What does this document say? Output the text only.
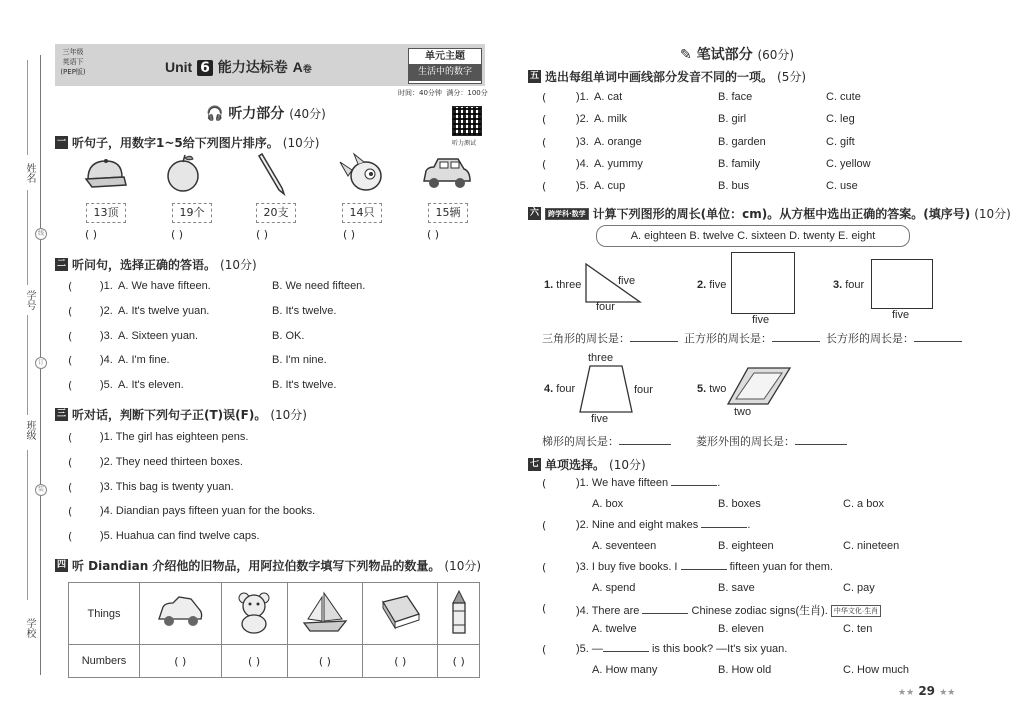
姓名
线
学号
订
班级
装
学校
三年级
英语下
(PEP版)	Unit 6 能力达标卷 A卷
单元主题
生活中的数字
时间：40分钟 满分：100分
听力测试
🎧 听力部分 (40分)
一 听句子，用数字1~5给下列图片排序。 (10分)
13顶	19个	20支	14只	15辆
( )	( )	( )	( )	( )
二 听问句，选择正确的答语。 (10分)
(	)1. A. We have fifteen.	B. We need fifteen.
(	)2. A. It's twelve yuan.	B. It's twelve.
(	)3. A. Sixteen yuan.	B. OK.
(	)4. A. I'm fine.	B. I'm nine.
(	)5. A. It's eleven.	B. It's twelve.
三 听对话，判断下列句子正(T)误(F)。 (10分)
(	)1. The girl has eighteen pens.
(	)2. They need thirteen boxes.
(	)3. This bag is twenty yuan.
(	)4. Diandian pays fifteen yuan for the books.
(	)5. Huahua can find twelve caps.
四 听 Diandian 介绍他的旧物品，用阿拉伯数字填写下列物品的数量。 (10分)
Things					
Numbers	( )	( )	( )	( )	( )
✎ 笔试部分 (60分)
五 选出每组单词中画线部分发音不同的一项。 (5分)
(	)1. A. cat	B. face	C. cute
(	)2. A. milk	B. girl	C. leg
(	)3. A. orange	B. garden	C. gift
(	)4. A. yummy	B. family	C. yellow
(	)5. A. cup	B. bus	C. use
六	跨学科·数学 计算下列图形的周长(单位：cm)。从方框中选出正确的答案。(填序号) (10分)
A. eighteen B. twelve C. sixteen D. twenty E. eight
1. three	five
four
2. five
five
3. four
five
三角形的周长是：	正方形的周长是：	长方形的周长是：
three
4. four	four
five
5. two
two
梯形的周长是：	菱形外围的周长是：
七 单项选择。 (10分)
(	)1. We have fifteen	.
A. box	B. boxes	C. a box
(	)2. Nine and eight makes	.
A. seventeen	B. eighteen	C. nineteen
(	)3. I buy five books. I	fifteen yuan for them.
A. spend	B. save	C. pay
(	)4. There are	Chinese zodiac signs(生肖). 中华文化·生肖
A. twelve	B. eleven	C. ten
(	)5. —	is this book? —It's six yuan.
A. How many	B. How old	C. How much
★★ 29 ★★
